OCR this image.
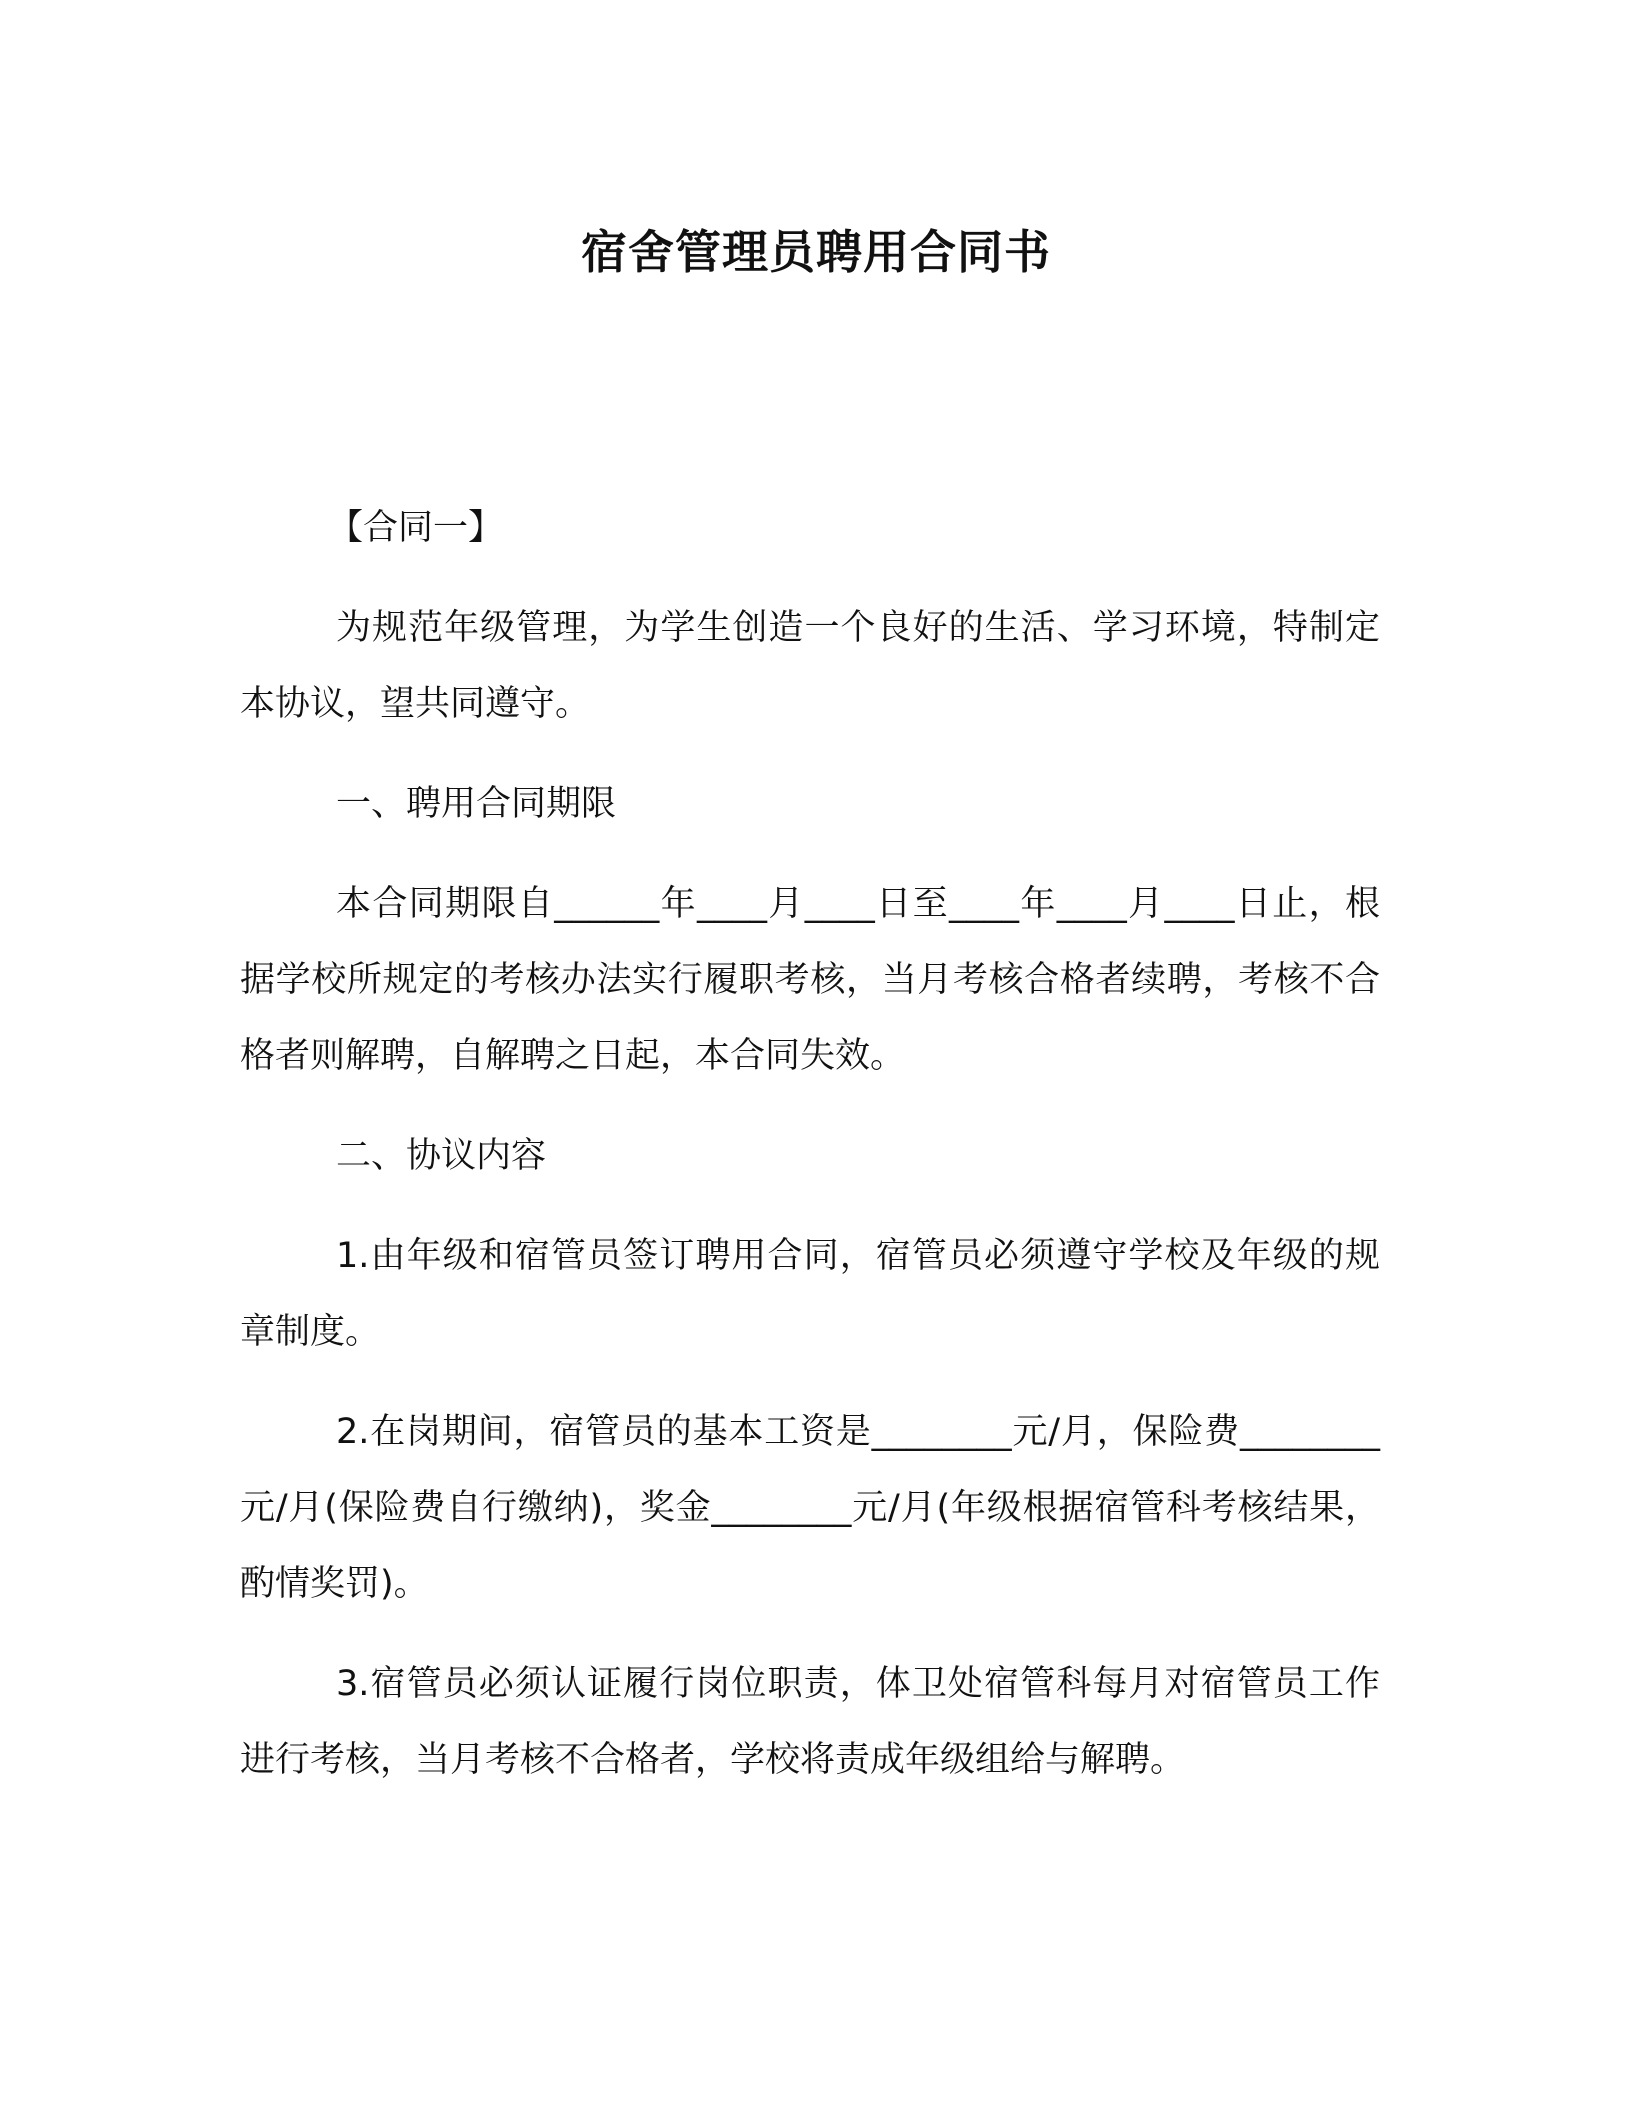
宿舍管理员聘用合同书

【合同一】

为规范年级管理，为学生创造一个良好的生活、学习环境，特制定本协议，望共同遵守。

一、聘用合同期限

本合同期限自______年____月____日至____年____月____日止，根据学校所规定的考核办法实行履职考核，当月考核合格者续聘，考核不合格者则解聘，自解聘之日起，本合同失效。

二、协议内容

1.由年级和宿管员签订聘用合同，宿管员必须遵守学校及年级的规章制度。

2.在岗期间，宿管员的基本工资是________元/月，保险费________元/月(保险费自行缴纳)，奖金________元/月(年级根据宿管科考核结果，酌情奖罚)。

3.宿管员必须认证履行岗位职责，体卫处宿管科每月对宿管员工作进行考核，当月考核不合格者，学校将责成年级组给与解聘。
